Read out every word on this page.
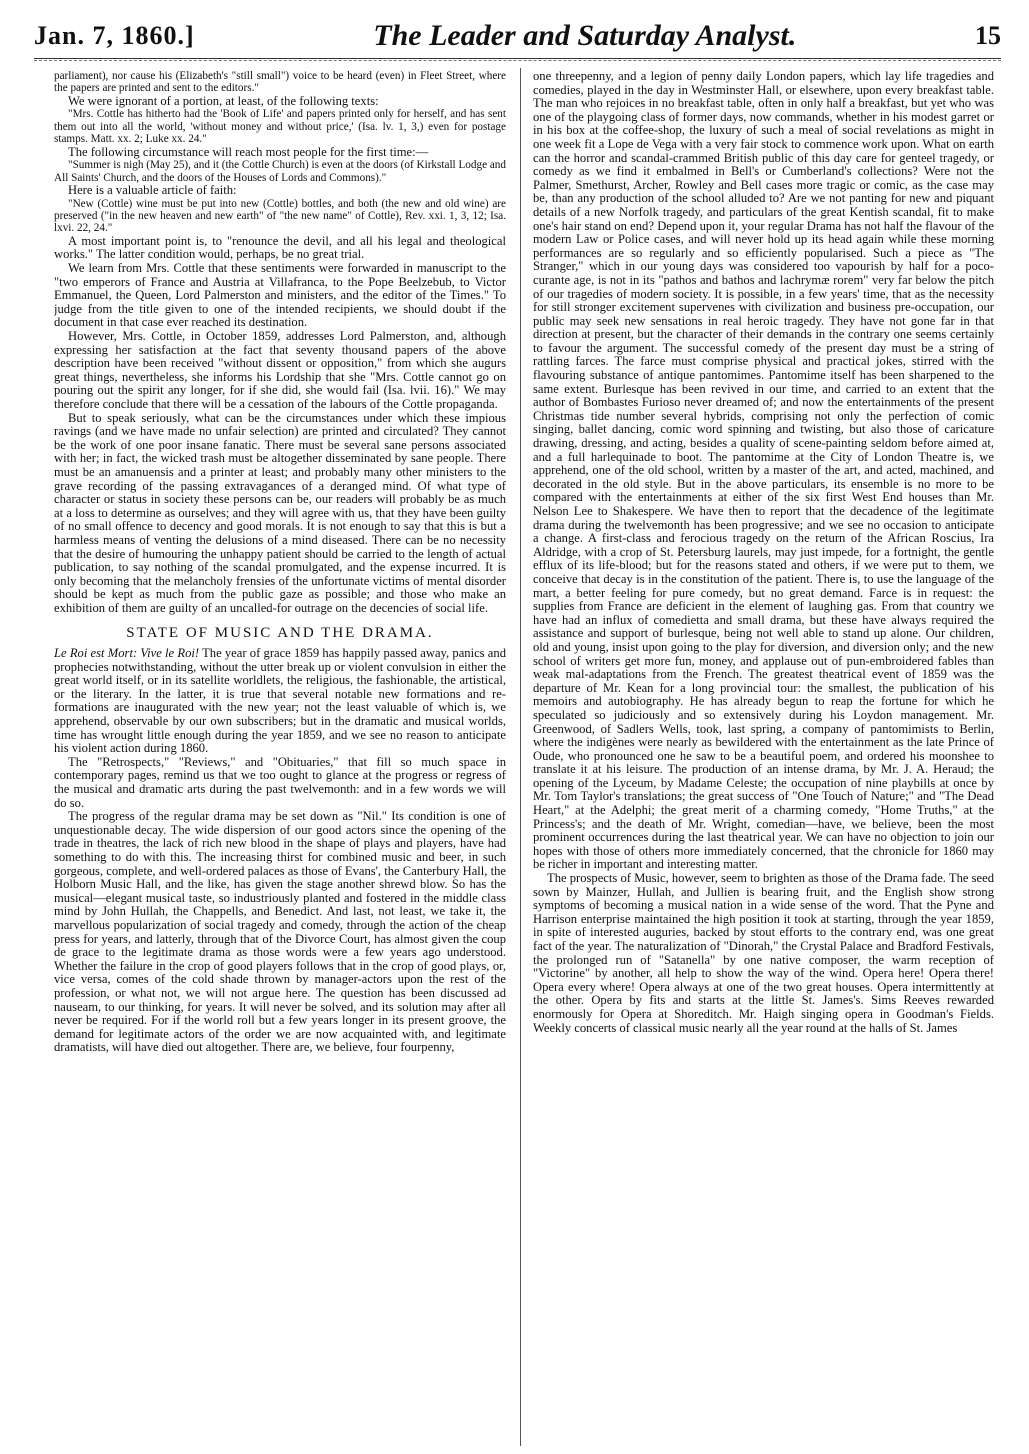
Jan. 7, 1860.]	The Leader and Saturday Analyst.	15

parliament), nor cause his (Elizabeth's "still small") voice to be heard (even) in Fleet Street, where the papers are printed and sent to the editors."

We were ignorant of a portion, at least, of the following texts:

"Mrs. Cottle has hitherto had the 'Book of Life' and papers printed only for herself, and has sent them out into all the world, 'without money and without price,' (Isa. lv. 1, 3,) even for postage stamps. Matt. xx. 2; Luke xx. 24."

The following circumstance will reach most people for the first time:—

"Summer is nigh (May 25), and it (the Cottle Church) is even at the doors (of Kirkstall Lodge and All Saints' Church, and the doors of the Houses of Lords and Commons)."

Here is a valuable article of faith:

"New (Cottle) wine must be put into new (Cottle) bottles, and both (the new and old wine) are preserved ("in the new heaven and new earth" of "the new name" of Cottle), Rev. xxi. 1, 3, 12; Isa. lxvi. 22, 24."

A most important point is, to "renounce the devil, and all his legal and theological works." The latter condition would, perhaps, be no great trial.

We learn from Mrs. Cottle that these sentiments were forwarded in manuscript to the "two emperors of France and Austria at Villafranca, to the Pope Beelzebub, to Victor Emmanuel, the Queen, Lord Palmerston and ministers, and the editor of the Times." To judge from the title given to one of the intended recipients, we should doubt if the document in that case ever reached its destination.

However, Mrs. Cottle, in October 1859, addresses Lord Palmerston, and, although expressing her satisfaction at the fact that seventy thousand papers of the above description have been received "without dissent or opposition," from which she augurs great things, nevertheless, she informs his Lordship that she "Mrs. Cottle cannot go on pouring out the spirit any longer, for if she did, she would fail (Isa. lvii. 16)." We may therefore conclude that there will be a cessation of the labours of the Cottle propaganda.

But to speak seriously, what can be the circumstances under which these impious ravings (and we have made no unfair selection) are printed and circulated? They cannot be the work of one poor insane fanatic. There must be several sane persons associated with her; in fact, the wicked trash must be altogether disseminated by sane people. There must be an amanuensis and a printer at least; and probably many other ministers to the grave recording of the passing extravagances of a deranged mind. Of what type of character or status in society these persons can be, our readers will probably be as much at a loss to determine as ourselves; and they will agree with us, that they have been guilty of no small offence to decency and good morals. It is not enough to say that this is but a harmless means of venting the delusions of a mind diseased. There can be no necessity that the desire of humouring the unhappy patient should be carried to the length of actual publication, to say nothing of the scandal promulgated, and the expense incurred. It is only becoming that the melancholy frensies of the unfortunate victims of mental disorder should be kept as much from the public gaze as possible; and those who make an exhibition of them are guilty of an uncalled-for outrage on the decencies of social life.

STATE OF MUSIC AND THE DRAMA.

Le Roi est Mort: Vive le Roi! The year of grace 1859 has happily passed away, panics and prophecies notwithstanding, without the utter break up or violent convulsion in either the great world itself, or in its satellite worldlets, the religious, the fashionable, the artistical, or the literary. In the latter, it is true that several notable new formations and re-formations are inaugurated with the new year; not the least valuable of which is, we apprehend, observable by our own subscribers; but in the dramatic and musical worlds, time has wrought little enough during the year 1859, and we see no reason to anticipate his violent action during 1860.

The "Retrospects," "Reviews," and "Obituaries," that fill so much space in contemporary pages, remind us that we too ought to glance at the progress or regress of the musical and dramatic arts during the past twelvemonth: and in a few words we will do so.

The progress of the regular drama may be set down as "Nil." Its condition is one of unquestionable decay. The wide dispersion of our good actors since the opening of the trade in theatres, the lack of rich new blood in the shape of plays and players, have had something to do with this. The increasing thirst for combined music and beer, in such gorgeous, complete, and well-ordered palaces as those of Evans', the Canterbury Hall, the Holborn Music Hall, and the like, has given the stage another shrewd blow. So has the musical—elegant musical taste, so industriously planted and fostered in the middle class mind by John Hullah, the Chappells, and Benedict. And last, not least, we take it, the marvellous popularization of social tragedy and comedy, through the action of the cheap press for years, and latterly, through that of the Divorce Court, has almost given the coup de grace to the legitimate drama as those words were a few years ago understood. Whether the failure in the crop of good players follows that in the crop of good plays, or, vice versa, comes of the cold shade thrown by manager-actors upon the rest of the profession, or what not, we will not argue here. The question has been discussed ad nauseam, to our thinking, for years. It will never be solved, and its solution may after all never be required. For if the world roll but a few years longer in its present groove, the demand for legitimate actors of the order we are now acquainted with, and legitimate dramatists, will have died out altogether. There are, we believe, four fourpenny,

one threepenny, and a legion of penny daily London papers, which lay life tragedies and comedies, played in the day in Westminster Hall, or elsewhere, upon every breakfast table. The man who rejoices in no breakfast table, often in only half a breakfast, but yet who was one of the playgoing class of former days, now commands, whether in his modest garret or in his box at the coffee-shop, the luxury of such a meal of social revelations as might in one week fit a Lope de Vega with a very fair stock to commence work upon. What on earth can the horror and scandal-crammed British public of this day care for genteel tragedy, or comedy as we find it embalmed in Bell's or Cumberland's collections? Were not the Palmer, Smethurst, Archer, Rowley and Bell cases more tragic or comic, as the case may be, than any production of the school alluded to? Are we not panting for new and piquant details of a new Norfolk tragedy, and particulars of the great Kentish scandal, fit to make one's hair stand on end? Depend upon it, your regular Drama has not half the flavour of the modern Law or Police cases, and will never hold up its head again while these morning performances are so regularly and so efficiently popularised. Such a piece as "The Stranger," which in our young days was considered too vapourish by half for a poco-curante age, is not in its "pathos and bathos and lachrymæ rorem" very far below the pitch of our tragedies of modern society. It is possible, in a few years' time, that as the necessity for still stronger excitement supervenes with civilization and business pre-occupation, our public may seek new sensations in real heroic tragedy. They have not gone far in that direction at present, but the character of their demands in the contrary one seems certainly to favour the argument. The successful comedy of the present day must be a string of rattling farces. The farce must comprise physical and practical jokes, stirred with the flavouring substance of antique pantomimes. Pantomime itself has been sharpened to the same extent. Burlesque has been revived in our time, and carried to an extent that the author of Bombastes Furioso never dreamed of; and now the entertainments of the present Christmas tide number several hybrids, comprising not only the perfection of comic singing, ballet dancing, comic word spinning and twisting, but also those of caricature drawing, dressing, and acting, besides a quality of scene-painting seldom before aimed at, and a full harlequinade to boot. The pantomime at the City of London Theatre is, we apprehend, one of the old school, written by a master of the art, and acted, machined, and decorated in the old style. But in the above particulars, its ensemble is no more to be compared with the entertainments at either of the six first West End houses than Mr. Nelson Lee to Shakespere. We have then to report that the decadence of the legitimate drama during the twelvemonth has been progressive; and we see no occasion to anticipate a change. A first-class and ferocious tragedy on the return of the African Roscius, Ira Aldridge, with a crop of St. Petersburg laurels, may just impede, for a fortnight, the gentle efflux of its life-blood; but for the reasons stated and others, if we were put to them, we conceive that decay is in the constitution of the patient. There is, to use the language of the mart, a better feeling for pure comedy, but no great demand. Farce is in request: the supplies from France are deficient in the element of laughing gas. From that country we have had an influx of comedietta and small drama, but these have always required the assistance and support of burlesque, being not well able to stand up alone. Our children, old and young, insist upon going to the play for diversion, and diversion only; and the new school of writers get more fun, money, and applause out of pun-embroidered fables than weak mal-adaptations from the French. The greatest theatrical event of 1859 was the departure of Mr. Kean for a long provincial tour: the smallest, the publication of his memoirs and autobiography. He has already begun to reap the fortune for which he speculated so judiciously and so extensively during his Loydon management. Mr. Greenwood, of Sadlers Wells, took, last spring, a company of pantomimists to Berlin, where the indigènes were nearly as bewildered with the entertainment as the late Prince of Oude, who pronounced one he saw to be a beautiful poem, and ordered his moonshee to translate it at his leisure. The production of an intense drama, by Mr. J. A. Heraud; the opening of the Lyceum, by Madame Celeste; the occupation of nine playbills at once by Mr. Tom Taylor's translations; the great success of "One Touch of Nature;" and "The Dead Heart," at the Adelphi; the great merit of a charming comedy, "Home Truths," at the Princess's; and the death of Mr. Wright, comedian—have, we believe, been the most prominent occurrences during the last theatrical year. We can have no objection to join our hopes with those of others more immediately concerned, that the chronicle for 1860 may be richer in important and interesting matter.

The prospects of Music, however, seem to brighten as those of the Drama fade. The seed sown by Mainzer, Hullah, and Jullien is bearing fruit, and the English show strong symptoms of becoming a musical nation in a wide sense of the word. That the Pyne and Harrison enterprise maintained the high position it took at starting, through the year 1859, in spite of interested auguries, backed by stout efforts to the contrary end, was one great fact of the year. The naturalization of "Dinorah," the Crystal Palace and Bradford Festivals, the prolonged run of "Satanella" by one native composer, the warm reception of "Victorine" by another, all help to show the way of the wind. Opera here! Opera there! Opera every where! Opera always at one of the two great houses. Opera intermittently at the other. Opera by fits and starts at the little St. James's. Sims Reeves rewarded enormously for Opera at Shoreditch. Mr. Haigh singing opera in Goodman's Fields. Weekly concerts of classical music nearly all the year round at the halls of St. James
